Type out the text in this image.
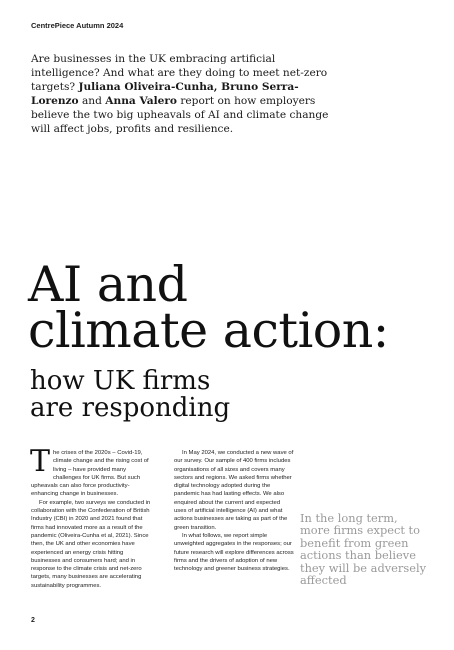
CentrePiece Autumn 2024
Are businesses in the UK embracing artificial intelligence? And what are they doing to meet net-zero targets? Juliana Oliveira-Cunha, Bruno Serra-Lorenzo and Anna Valero report on how employers believe the two big upheavals of AI and climate change will affect jobs, profits and resilience.
AI and
climate action:
how UK firms
are responding

The crises of the 2020s – Covid-19, climate change and the rising cost of living – have provided many challenges for UK firms. But such upheavals can also force productivity-enhancing change in businesses.

For example, two surveys we conducted in collaboration with the Confederation of British Industry (CBI) in 2020 and 2021 found that firms had innovated more as a result of the pandemic (Oliveira-Cunha et al, 2021). Since then, the UK and other economies have experienced an energy crisis hitting businesses and consumers hard; and in response to the climate crisis and net-zero targets, many businesses are accelerating sustainability programmes.

In May 2024, we conducted a new wave of our survey. Our sample of 400 firms includes organisations of all sizes and covers many sectors and regions. We asked firms whether digital technology adopted during the pandemic has had lasting effects. We also enquired about the current and expected uses of artificial intelligence (AI) and what actions businesses are taking as part of the green transition.

In what follows, we report simple unweighted aggregates in the responses; our future research will explore differences across firms and the drivers of adoption of new technology and greener business strategies.

In the long term, more firms expect to benefit from green actions than believe they will be adversely affected
2
